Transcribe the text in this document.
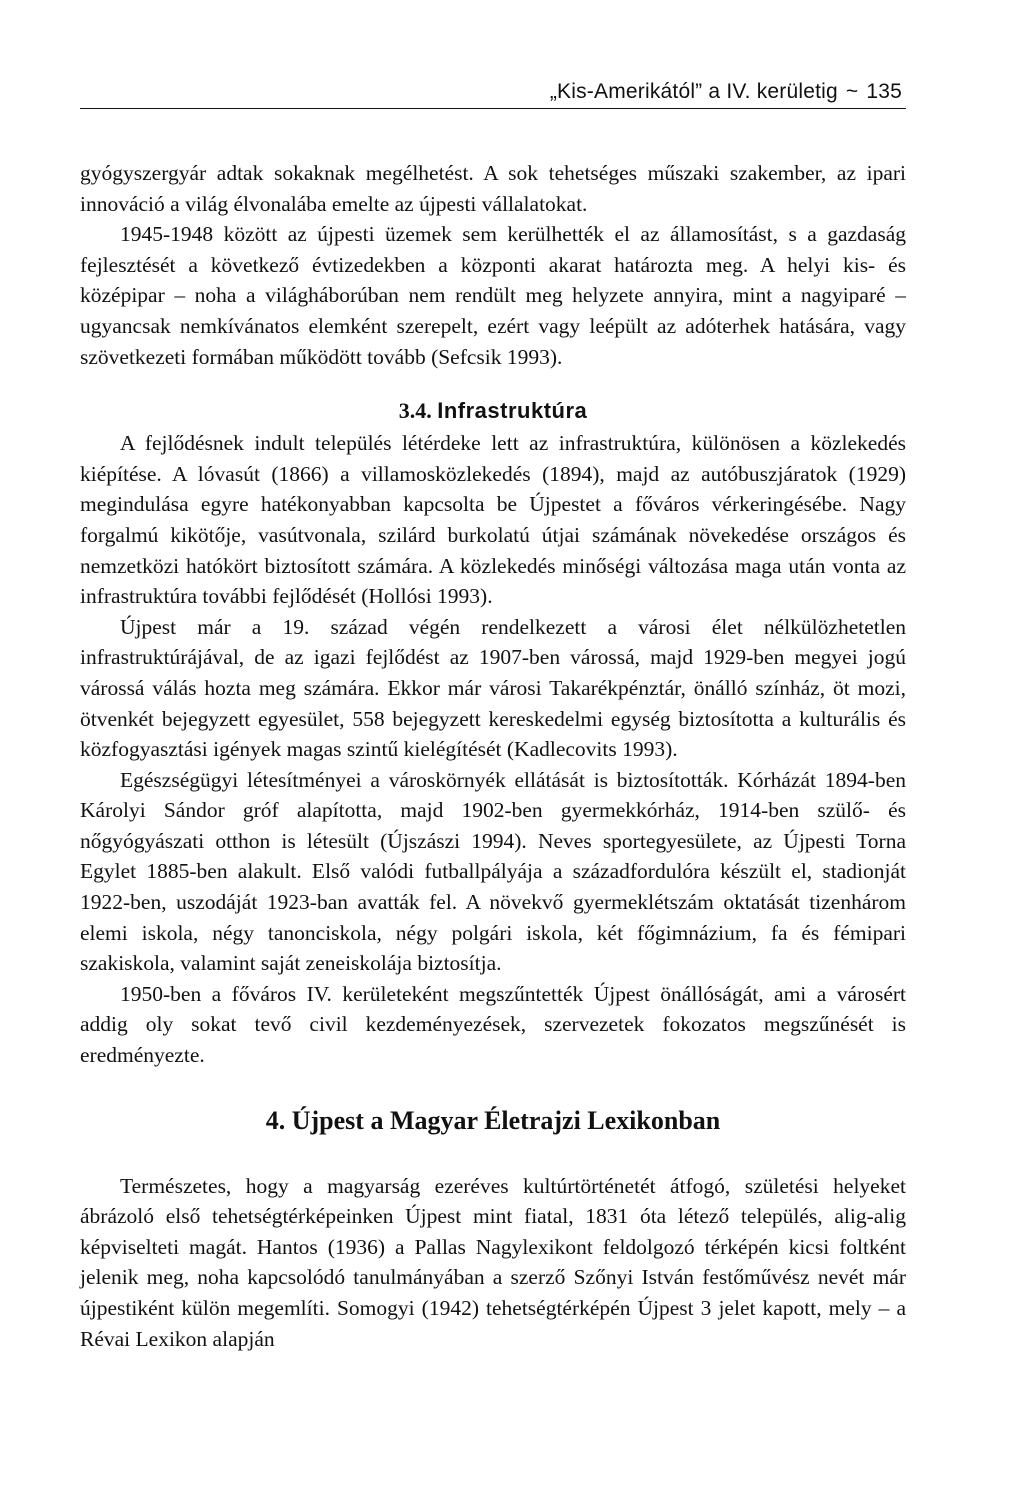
„Kis-Amerikától” a IV. kerületig ~ 135

gyógyszergyár adtak sokaknak megélhetést. A sok tehetséges műszaki szakember, az ipari innováció a világ élvonalába emelte az újpesti vállalatokat.

1945-1948 között az újpesti üzemek sem kerülhették el az államosítást, s a gazdaság fejlesztését a következő évtizedekben a központi akarat határozta meg. A helyi kis- és középipar – noha a világháborúban nem rendült meg helyzete annyira, mint a nagyiparé – ugyancsak nemkívánatos elemként szerepelt, ezért vagy leépült az adóterhek hatására, vagy szövetkezeti formában működött tovább (Sefcsik 1993).

3.4. Infrastruktúra

A fejlődésnek indult település létérdeke lett az infrastruktúra, különösen a közlekedés kiépítése. A lóvasút (1866) a villamosközlekedés (1894), majd az autóbuszjáratok (1929) megindulása egyre hatékonyabban kapcsolta be Újpestet a főváros vérkeringésébe. Nagy forgalmú kikötője, vasútvonala, szilárd burkolatú útjai számának növekedése országos és nemzetközi hatókört biztosított számára. A közlekedés minőségi változása maga után vonta az infrastruktúra további fejlődését (Hollósi 1993).

Újpest már a 19. század végén rendelkezett a városi élet nélkülözhetetlen infrastruktúrájával, de az igazi fejlődést az 1907-ben várossá, majd 1929-ben megyei jogú várossá válás hozta meg számára. Ekkor már városi Takarékpénztár, önálló színház, öt mozi, ötvenkét bejegyzett egyesület, 558 bejegyzett kereskedelmi egység biztosította a kulturális és közfogyasztási igények magas szintű kielégítését (Kadlecovits 1993).

Egészségügyi létesítményei a városkörnyék ellátását is biztosították. Kórházát 1894-ben Károlyi Sándor gróf alapította, majd 1902-ben gyermekkórház, 1914-ben szülő- és nőgyógyászati otthon is létesült (Újszászi 1994). Neves sportegyesülete, az Újpesti Torna Egylet 1885-ben alakult. Első valódi futballpályája a századfordulóra készült el, stadionját 1922-ben, uszodáját 1923-ban avatták fel. A növekvő gyermeklétszám oktatását tizenhárom elemi iskola, négy tanonciskola, négy polgári iskola, két főgimnázium, fa és fémipari szakiskola, valamint saját zeneiskolája biztosítja.

1950-ben a főváros IV. kerületeként megszűntették Újpest önállóságát, ami a városért addig oly sokat tevő civil kezdeményezések, szervezetek fokozatos megszűnését is eredményezte.

4. Újpest a Magyar Életrajzi Lexikonban

Természetes, hogy a magyarság ezeréves kultúrtörténetét átfogó, születési helyeket ábrázoló első tehetségtérképeinken Újpest mint fiatal, 1831 óta létező település, alig-alig képviselteti magát. Hantos (1936) a Pallas Nagylexikont feldolgozó térképén kicsi foltként jelenik meg, noha kapcsolódó tanulmányában a szerző Szőnyi István festőművész nevét már újpestiként külön megemlíti. Somogyi (1942) tehetségtérképén Újpest 3 jelet kapott, mely – a Révai Lexikon alapján
